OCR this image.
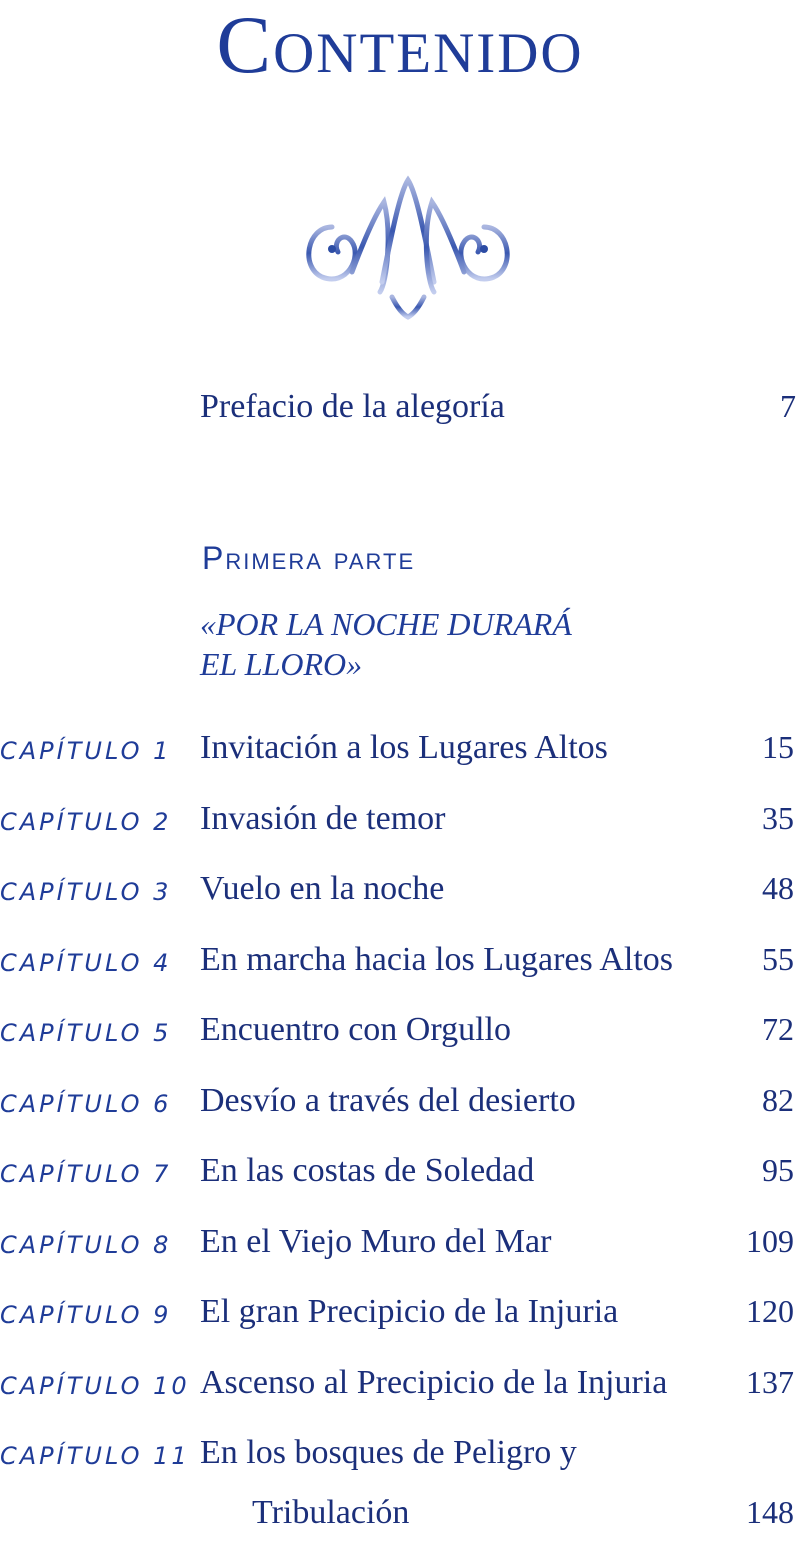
Contenido
Prefacio de la alegoría	7
Primera parte
«POR LA NOCHE DURARÁ
EL LLORO»
CAPÍTULO 1 Invitación a los Lugares Altos	15
CAPÍTULO 2 Invasión de temor	35
CAPÍTULO 3 Vuelo en la noche	48
CAPÍTULO 4 En marcha hacia los Lugares Altos	55
CAPÍTULO 5 Encuentro con Orgullo	72
CAPÍTULO 6 Desvío a través del desierto	82
CAPÍTULO 7 En las costas de Soledad	95
CAPÍTULO 8 En el Viejo Muro del Mar	109
CAPÍTULO 9 El gran Precipicio de la Injuria	120
CAPÍTULO 10 Ascenso al Precipicio de la Injuria 137
CAPÍTULO 11 En los bosques de Peligro y
Tribulación	148
